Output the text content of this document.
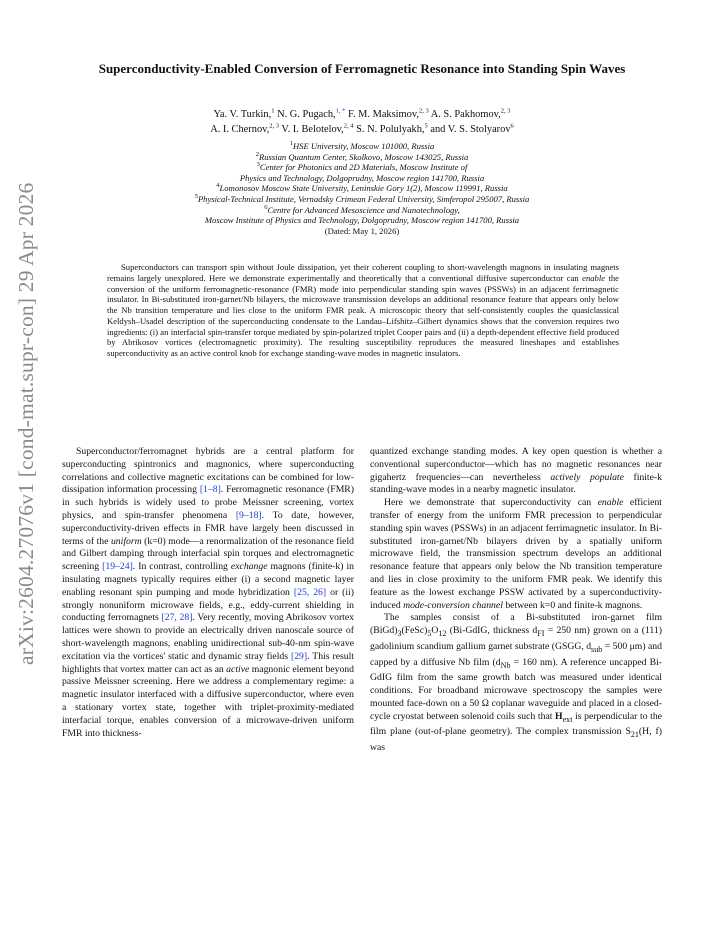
arXiv:2604.27076v1 [cond-mat.supr-con] 29 Apr 2026
Superconductivity-Enabled Conversion of Ferromagnetic Resonance into Standing Spin Waves
Ya. V. Turkin,$^1$ N. G. Pugach,$^{1, *}$ F. M. Maksimov,$^{2, 3}$ A. S. Pakhomov,$^{2, 3}$
A. I. Chernov,$^{2, 3}$ V. I. Belotelov,$^{2, 4}$ S. N. Polulyakh,$^5$ and V. S. Stolyarov$^6$
$^1$HSE University, Moscow 101000, Russia
$^2$Russian Quantum Center, Skolkovo, Moscow 143025, Russia
$^3$Center for Photonics and 2D Materials, Moscow Institute of
Physics and Technology, Dolgoprudny, Moscow region 141700, Russia
$^4$Lomonosov Moscow State University, Leninskie Gory 1(2), Moscow 119991, Russia
$^5$Physical-Technical Institute, Vernadsky Crimean Federal University, Simferopol 295007, Russia
$^6$Centre for Advanced Mesoscience and Nanotechnology,
Moscow Institute of Physics and Technology, Dolgoprudny, Moscow region 141700, Russia
(Dated: May 1, 2026)
Superconductors can transport spin without Joule dissipation, yet their coherent coupling to short-wavelength magnons in insulating magnets remains largely unexplored. Here we demonstrate experimentally and theoretically that a conventional diffusive superconductor can enable the conversion of the uniform ferromagnetic-resonance (FMR) mode into perpendicular standing spin waves (PSSWs) in an adjacent ferrimagnetic insulator. In Bi-substituted iron-garnet/Nb bilayers, the microwave transmission develops an additional resonance feature that appears only below the Nb transition temperature and lies close to the uniform FMR peak. A microscopic theory that self-consistently couples the quasiclassical Keldysh–Usadel description of the superconducting condensate to the Landau–Lifshitz–Gilbert dynamics shows that the conversion requires two ingredients: (i) an interfacial spin-transfer torque mediated by spin-polarized triplet Cooper pairs and (ii) a depth-dependent effective field produced by Abrikosov vortices (electromagnetic proximity). The resulting susceptibility reproduces the measured lineshapes and establishes superconductivity as an active control knob for exchange standing-wave modes in magnetic insulators.

Superconductor/ferromagnet hybrids are a central platform for superconducting spintronics and magnonics, where superconducting correlations and collective magnetic excitations can be combined for low-dissipation information processing [1–8]. Ferromagnetic resonance (FMR) in such hybrids is widely used to probe Meissner screening, vortex physics, and spin-transfer phenomena [9–18]. To date, however, superconductivity-driven effects in FMR have largely been discussed in terms of the uniform (k=0) mode—a renormalization of the resonance field and Gilbert damping through interfacial spin torques and electromagnetic screening [19–24]. In contrast, controlling exchange magnons (finite-k) in insulating magnets typically requires either (i) a second magnetic layer enabling resonant spin pumping and mode hybridization [25, 26] or (ii) strongly nonuniform microwave fields, e.g., eddy-current shielding in conducting ferromagnets [27, 28]. Very recently, moving Abrikosov vortex lattices were shown to provide an electrically driven nanoscale source of short-wavelength magnons, enabling unidirectional sub-40-nm spin-wave excitation via the vortices' static and dynamic stray fields [29]. This result highlights that vortex matter can act as an active magnonic element beyond passive Meissner screening. Here we address a complementary regime: a magnetic insulator interfaced with a diffusive superconductor, where even a stationary vortex state, together with triplet-proximity-mediated interfacial torque, enables conversion of a microwave-driven uniform FMR into thickness-

quantized exchange standing modes. A key open question is whether a conventional superconductor—which has no magnetic resonances near gigahertz frequencies—can nevertheless actively populate finite-k standing-wave modes in a nearby magnetic insulator.

Here we demonstrate that superconductivity can enable efficient transfer of energy from the uniform FMR precession to perpendicular standing spin waves (PSSWs) in an adjacent ferrimagnetic insulator. In Bi-substituted iron-garnet/Nb bilayers driven by a spatially uniform microwave field, the transmission spectrum develops an additional resonance feature that appears only below the Nb transition temperature and lies in close proximity to the uniform FMR peak. We identify this feature as the lowest exchange PSSW activated by a superconductivity-induced mode-conversion channel between k=0 and finite-k magnons.

The samples consist of a Bi-substituted iron-garnet film $(BiGd)_3(FeSc)_5O_{12}$ (Bi-GdIG, thickness $d_{FI} = 250$ nm) grown on a (111) gadolinium scandium gallium garnet substrate (GSGG, $d_{sub} = 500$ μm) and capped by a diffusive Nb film ($d_{Nb} = 160$ nm). A reference uncapped Bi-GdIG film from the same growth batch was measured under identical conditions. For broadband microwave spectroscopy the samples were mounted face-down on a 50 Ω coplanar waveguide and placed in a closed-cycle cryostat between solenoid coils such that $H_{ext}$ is perpendicular to the film plane (out-of-plane geometry). The complex transmission $S_{21}(H$, f) was
